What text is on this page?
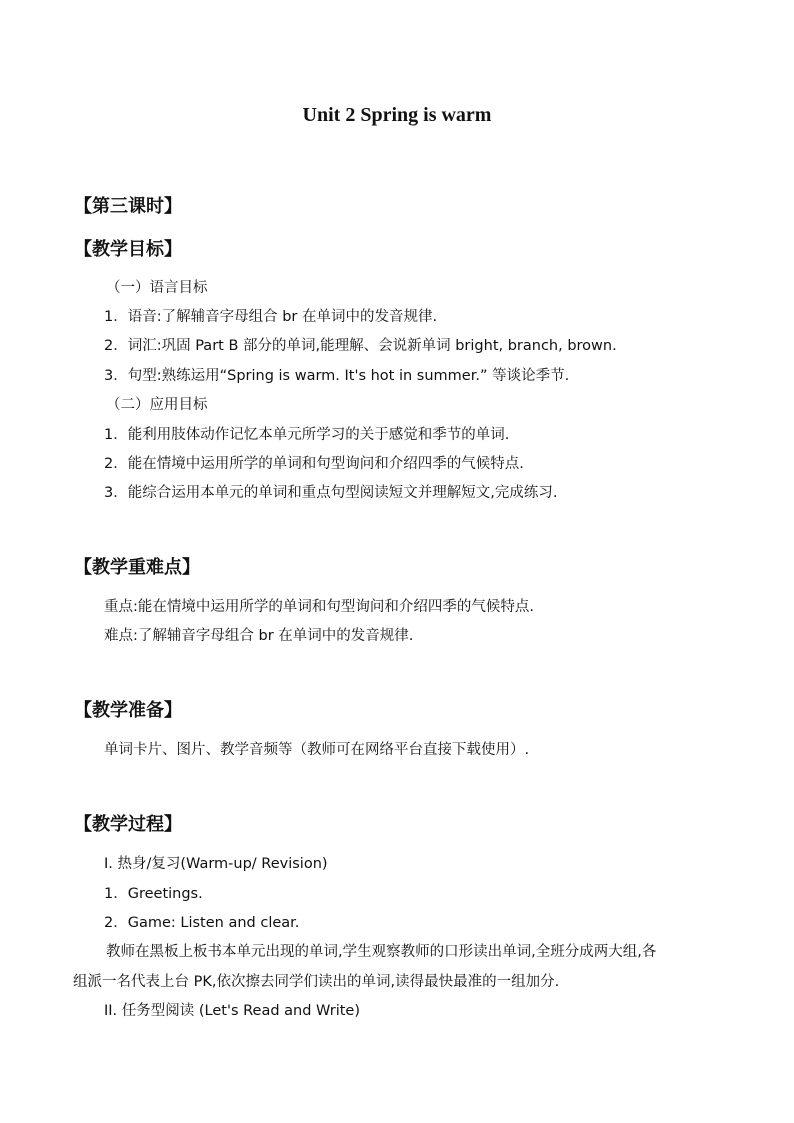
Unit 2 Spring is warm
【第三课时】
【教学目标】
（一）语言目标
1．语音:了解辅音字母组合 br 在单词中的发音规律.
2．词汇:巩固 Part B 部分的单词,能理解、会说新单词 bright, branch, brown.
3．句型:熟练运用“Spring is warm. It's hot in summer.” 等谈论季节.
（二）应用目标
1．能利用肢体动作记忆本单元所学习的关于感觉和季节的单词.
2．能在情境中运用所学的单词和句型询问和介绍四季的气候特点.
3．能综合运用本单元的单词和重点句型阅读短文并理解短文,完成练习.
【教学重难点】
重点:能在情境中运用所学的单词和句型询问和介绍四季的气候特点.
难点:了解辅音字母组合 br 在单词中的发音规律.
【教学准备】
单词卡片、图片、教学音频等（教师可在网络平台直接下载使用）.
【教学过程】
I. 热身/复习(Warm-up/ Revision)
1．Greetings.
2．Game: Listen and clear.
教师在黑板上板书本单元出现的单词,学生观察教师的口形读出单词,全班分成两大组,各
组派一名代表上台 PK,依次擦去同学们读出的单词,读得最快最准的一组加分.
II. 任务型阅读 (Let's Read and Write)
